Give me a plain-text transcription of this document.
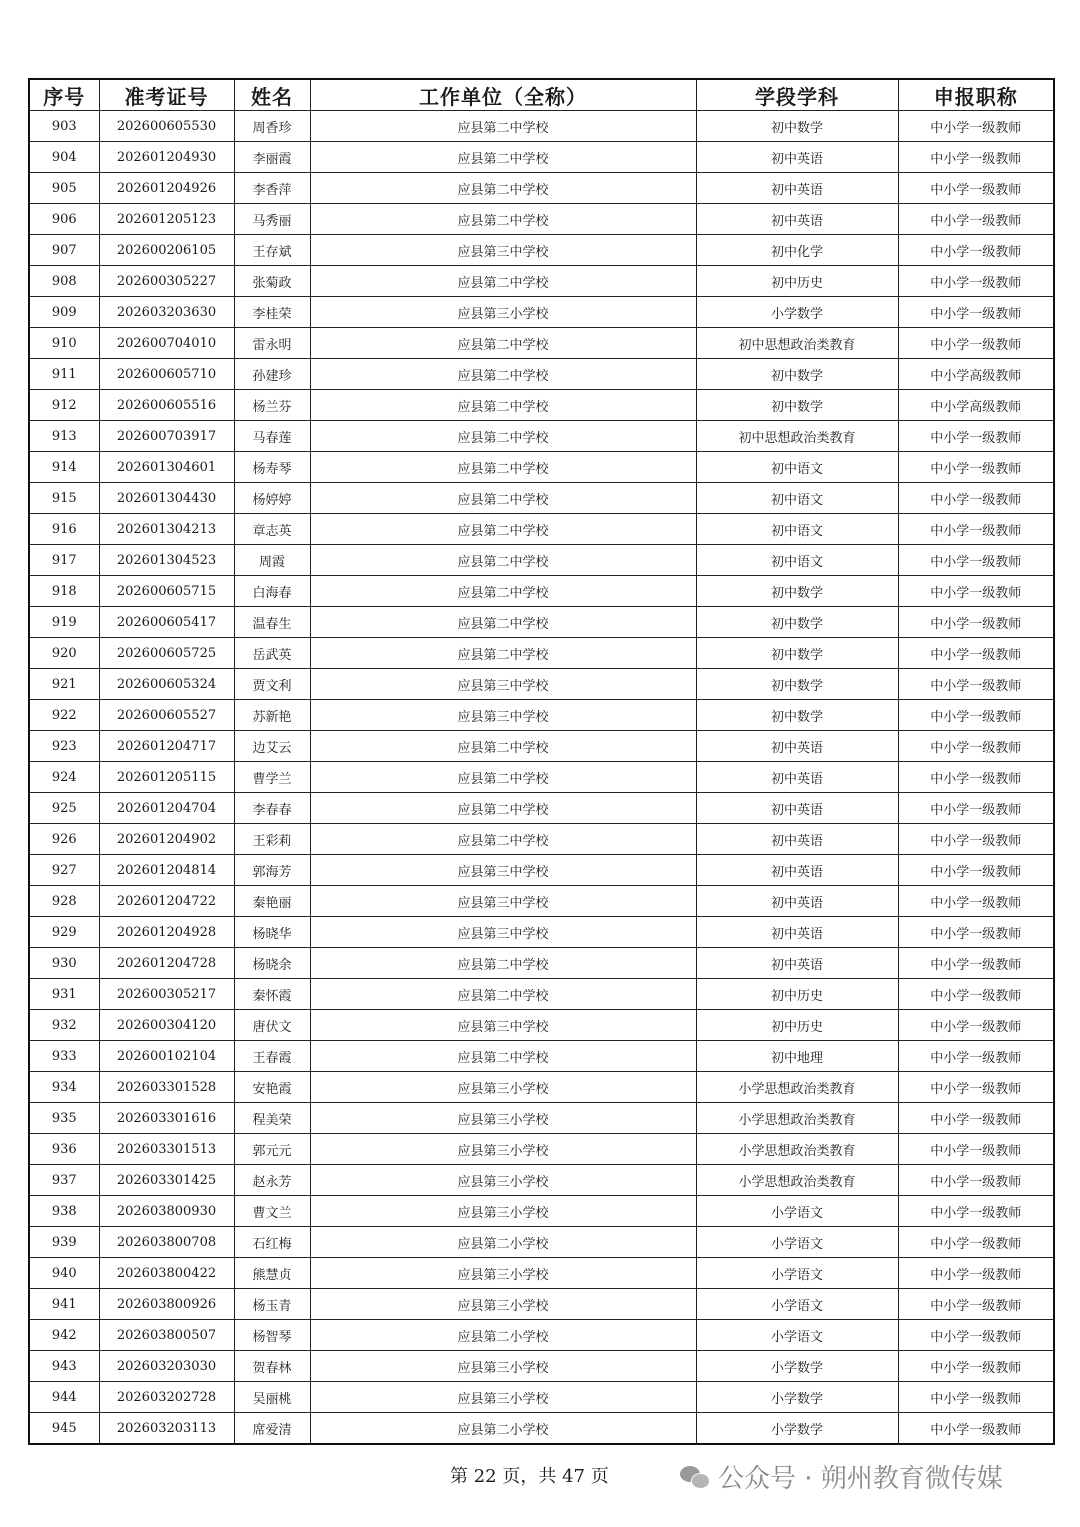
序号	准考证号	姓名	工作单位（全称）	学段学科	申报职称
903	202600605530	周香珍	应县第二中学校	初中数学	中小学一级教师
904	202601204930	李丽霞	应县第二中学校	初中英语	中小学一级教师
905	202601204926	李香萍	应县第二中学校	初中英语	中小学一级教师
906	202601205123	马秀丽	应县第二中学校	初中英语	中小学一级教师
907	202600206105	王存斌	应县第三中学校	初中化学	中小学一级教师
908	202600305227	张菊政	应县第二中学校	初中历史	中小学一级教师
909	202603203630	李桂荣	应县第三小学校	小学数学	中小学一级教师
910	202600704010	雷永明	应县第二中学校	初中思想政治类教育	中小学一级教师
911	202600605710	孙建珍	应县第二中学校	初中数学	中小学高级教师
912	202600605516	杨兰芬	应县第二中学校	初中数学	中小学高级教师
913	202600703917	马春莲	应县第二中学校	初中思想政治类教育	中小学一级教师
914	202601304601	杨寿琴	应县第二中学校	初中语文	中小学一级教师
915	202601304430	杨婷婷	应县第二中学校	初中语文	中小学一级教师
916	202601304213	章志英	应县第二中学校	初中语文	中小学一级教师
917	202601304523	周霞	应县第二中学校	初中语文	中小学一级教师
918	202600605715	白海春	应县第二中学校	初中数学	中小学一级教师
919	202600605417	温春生	应县第二中学校	初中数学	中小学一级教师
920	202600605725	岳武英	应县第二中学校	初中数学	中小学一级教师
921	202600605324	贾文利	应县第三中学校	初中数学	中小学一级教师
922	202600605527	苏新艳	应县第三中学校	初中数学	中小学一级教师
923	202601204717	边艾云	应县第二中学校	初中英语	中小学一级教师
924	202601205115	曹学兰	应县第二中学校	初中英语	中小学一级教师
925	202601204704	李春春	应县第二中学校	初中英语	中小学一级教师
926	202601204902	王彩莉	应县第二中学校	初中英语	中小学一级教师
927	202601204814	郭海芳	应县第三中学校	初中英语	中小学一级教师
928	202601204722	秦艳丽	应县第三中学校	初中英语	中小学一级教师
929	202601204928	杨晓华	应县第三中学校	初中英语	中小学一级教师
930	202601204728	杨晓余	应县第二中学校	初中英语	中小学一级教师
931	202600305217	秦怀霞	应县第二中学校	初中历史	中小学一级教师
932	202600304120	唐伏文	应县第三中学校	初中历史	中小学一级教师
933	202600102104	王春霞	应县第二中学校	初中地理	中小学一级教师
934	202603301528	安艳霞	应县第三小学校	小学思想政治类教育	中小学一级教师
935	202603301616	程美荣	应县第三小学校	小学思想政治类教育	中小学一级教师
936	202603301513	郭元元	应县第三小学校	小学思想政治类教育	中小学一级教师
937	202603301425	赵永芳	应县第三小学校	小学思想政治类教育	中小学一级教师
938	202603800930	曹文兰	应县第三小学校	小学语文	中小学一级教师
939	202603800708	石红梅	应县第二小学校	小学语文	中小学一级教师
940	202603800422	熊慧贞	应县第三小学校	小学语文	中小学一级教师
941	202603800926	杨玉青	应县第三小学校	小学语文	中小学一级教师
942	202603800507	杨智琴	应县第二小学校	小学语文	中小学一级教师
943	202603203030	贺春林	应县第三小学校	小学数学	中小学一级教师
944	202603202728	吴丽桃	应县第三小学校	小学数学	中小学一级教师
945	202603203113	席爱清	应县第二小学校	小学数学	中小学一级教师
第 22 页，共 47 页	公众号 · 朔州教育微传媒
